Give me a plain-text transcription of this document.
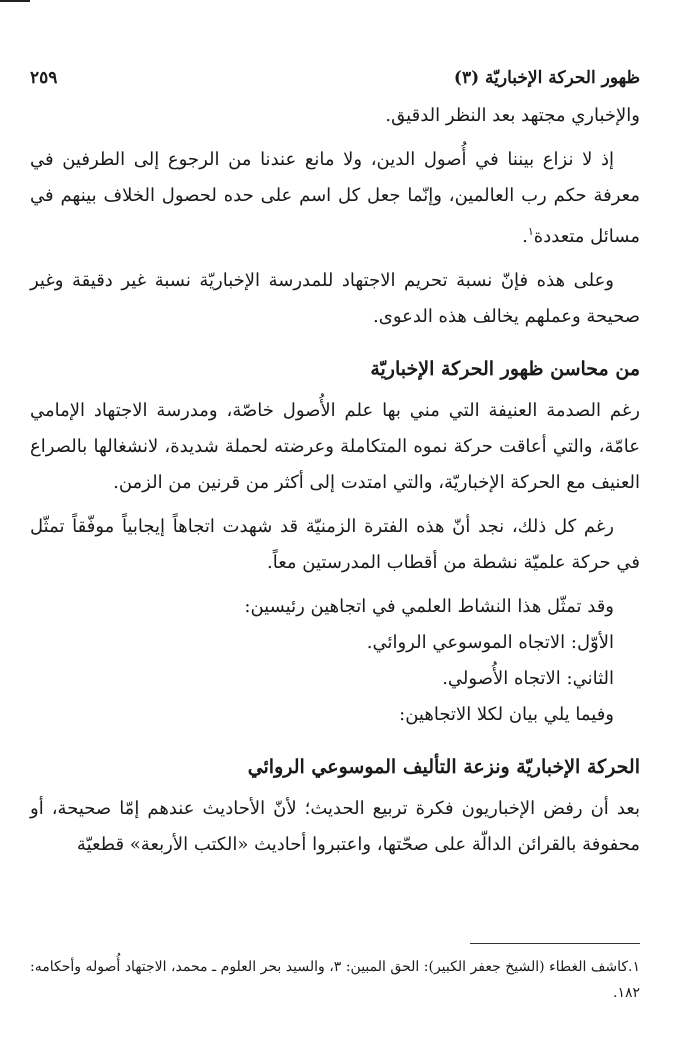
ظهور الحركة الإخباريّة (٣)
٢٥٩

والإخباري مجتهد بعد النظر الدقيق.

إذ لا نزاع بيننا في أُصول الدين، ولا مانع عندنا من الرجوع إلى الطرفين في معرفة حكم رب العالمين، وإنّما جعل كل اسم على حده لحصول الخلاف بينهم في مسائل متعددة$^١$.

وعلى هذه فإنّ نسبة تحريم الاجتهاد للمدرسة الإخباريّة نسبة غير دقيقة وغير صحيحة وعملهم يخالف هذه الدعوى.

من محاسن ظهور الحركة الإخباريّة

رغم الصدمة العنيفة التي مني بها علم الأُصول خاصّة، ومدرسة الاجتهاد الإمامي عامّة، والتي أعاقت حركة نموه المتكاملة وعرضته لحملة شديدة، لانشغالها بالصراع العنيف مع الحركة الإخباريّة، والتي امتدت إلى أكثر من قرنين من الزمن.

رغم كل ذلك، نجد أنّ هذه الفترة الزمنيّة قد شهدت اتجاهاً إيجابياً موفّقاً تمثّل في حركة علميّة نشطة من أقطاب المدرستين معاً.

وقد تمثّل هذا النشاط العلمي في اتجاهين رئيسين:

الأوّل: الاتجاه الموسوعي الروائي.

الثاني: الاتجاه الأُصولي.

وفيما يلي بيان لكلا الاتجاهين:

الحركة الإخباريّة ونزعة التأليف الموسوعي الروائي

بعد أن رفض الإخباريون فكرة تربيع الحديث؛ لأنّ الأحاديث عندهم إمّا صحيحة، أو محفوفة بالقرائن الدالّة على صحّتها، واعتبروا أحاديث «الكتب الأربعة» قطعيّة

١.كاشف الغطاء (الشيخ جعفر الكبير): الحق المبين: ٣، والسيد بحر العلوم ـ محمد، الاجتهاد أُصوله وأحكامه: ١٨٢.
